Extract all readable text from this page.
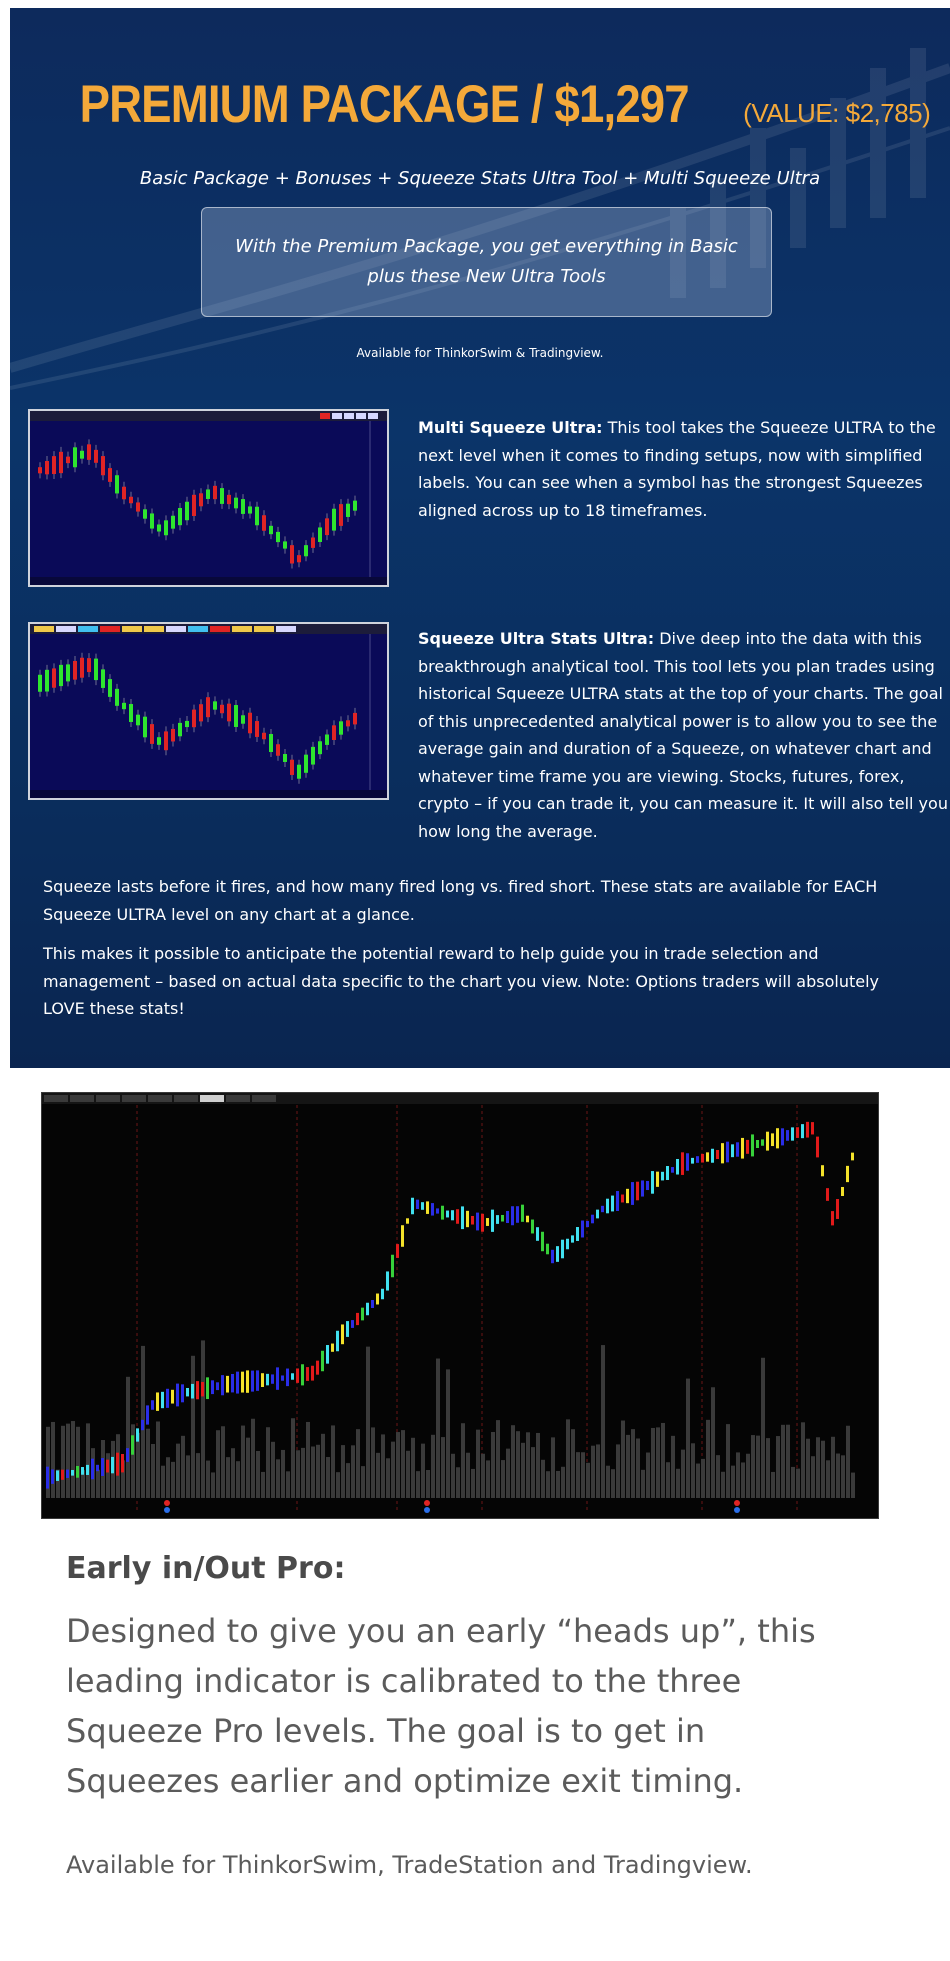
PREMIUM PACKAGE / $1,297 (VALUE: $2,785)
Basic Package + Bonuses + Squeeze Stats Ultra Tool + Multi Squeeze Ultra
With the Premium Package, you get everything in Basic plus these New Ultra Tools
Available for ThinkorSwim & Tradingview.
Multi Squeeze Ultra: This tool takes the Squeeze ULTRA to the next level when it comes to finding setups, now with simplified labels. You can see when a symbol has the strongest Squeezes aligned across up to 18 timeframes.
Squeeze Ultra Stats Ultra: Dive deep into the data with this breakthrough analytical tool. This tool lets you plan trades using historical Squeeze ULTRA stats at the top of your charts. The goal of this unprecedented analytical power is to allow you to see the average gain and duration of a Squeeze, on whatever chart and whatever time frame you are viewing. Stocks, futures, forex, crypto – if you can trade it, you can measure it. It will also tell you how long the average.
Squeeze lasts before it fires, and how many fired long vs. fired short. These stats are available for EACH Squeeze ULTRA level on any chart at a glance.
This makes it possible to anticipate the potential reward to help guide you in trade selection and management – based on actual data specific to the chart you view. Note: Options traders will absolutely LOVE these stats!
Early in/Out Pro:
Designed to give you an early “heads up”, this leading indicator is calibrated to the three Squeeze Pro levels. The goal is to get in Squeezes earlier and optimize exit timing.
Available for ThinkorSwim, TradeStation and Tradingview.
